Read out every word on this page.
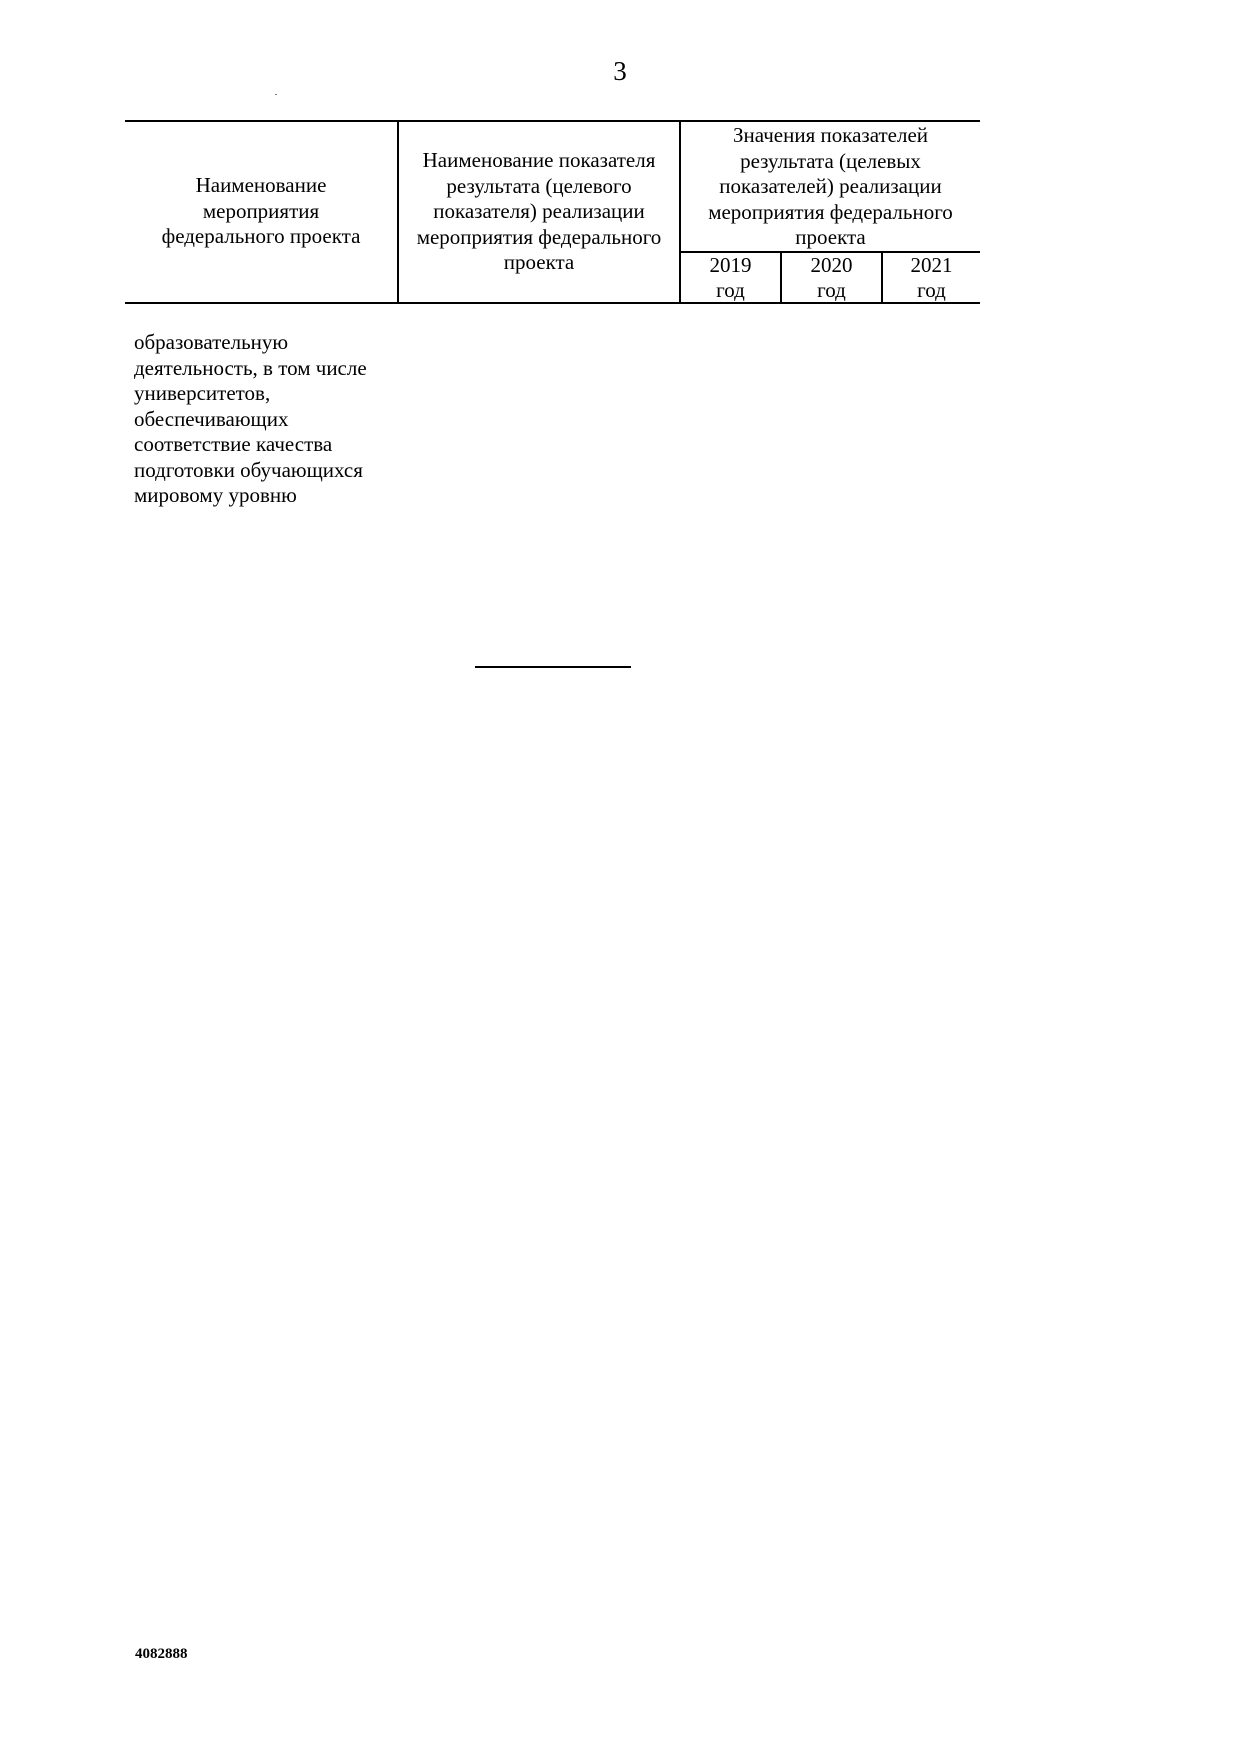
3
Наименование
мероприятия
федерального проекта
Наименование показателя
результата (целевого
показателя) реализации
мероприятия федерального
проекта
Значения показателей
результата (целевых
показателей) реализации
мероприятия федерального
проекта
2019
год
2020
год
2021
год
образовательную
деятельность, в том числе
университетов,
обеспечивающих
соответствие качества
подготовки обучающихся
мировому уровню
4082888
